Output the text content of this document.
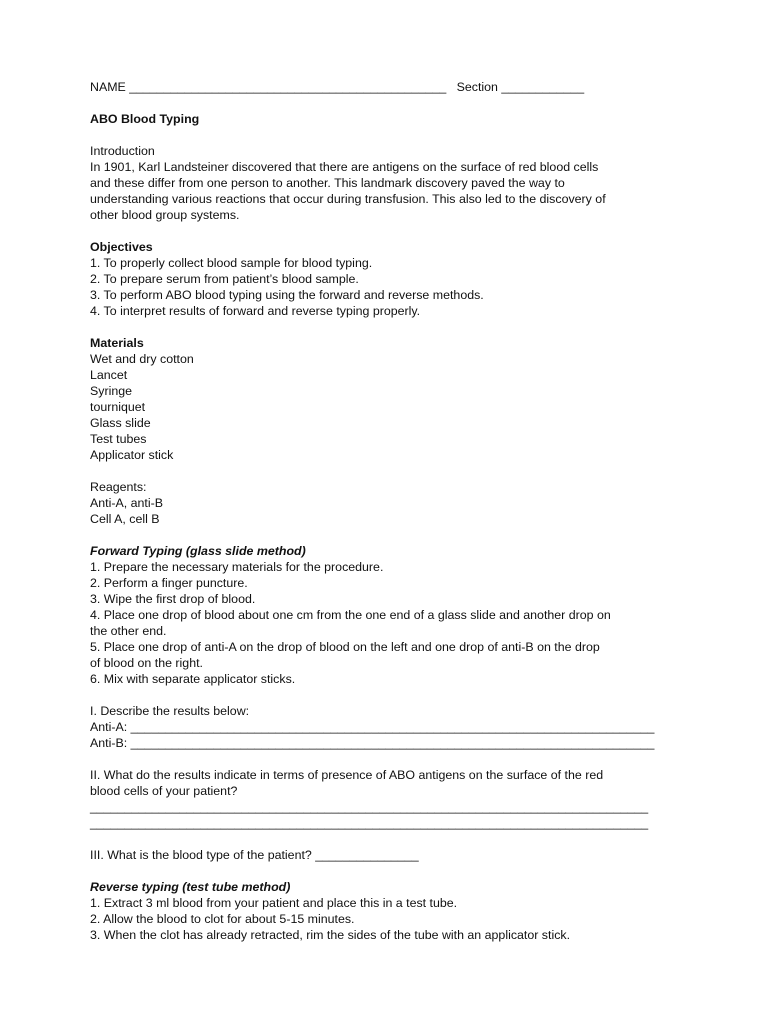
NAME ______________________________________________ Section ____________
ABO Blood Typing
Introduction
In 1901, Karl Landsteiner discovered that there are antigens on the surface of red blood cells
and these differ from one person to another. This landmark discovery paved the way to
understanding various reactions that occur during transfusion. This also led to the discovery of
other blood group systems.
Objectives
1. To properly collect blood sample for blood typing.
2. To prepare serum from patient’s blood sample.
3. To perform ABO blood typing using the forward and reverse methods.
4. To interpret results of forward and reverse typing properly.
Materials
Wet and dry cotton
Lancet
Syringe
tourniquet
Glass slide
Test tubes
Applicator stick
Reagents:
Anti-A, anti-B
Cell A, cell B
Forward Typing (glass slide method)
1. Prepare the necessary materials for the procedure.
2. Perform a finger puncture.
3. Wipe the first drop of blood.
4. Place one drop of blood about one cm from the one end of a glass slide and another drop on
the other end.
5. Place one drop of anti-A on the drop of blood on the left and one drop of anti-B on the drop
of blood on the right.
6. Mix with separate applicator sticks.
I. Describe the results below:
Anti-A: ____________________________________________________________________________
Anti-B: ____________________________________________________________________________
II. What do the results indicate in terms of presence of ABO antigens on the surface of the red
blood cells of your patient?
_________________________________________________________________________________
_________________________________________________________________________________
III. What is the blood type of the patient? _______________
Reverse typing (test tube method)
1. Extract 3 ml blood from your patient and place this in a test tube.
2. Allow the blood to clot for about 5-15 minutes.
3. When the clot has already retracted, rim the sides of the tube with an applicator stick.
